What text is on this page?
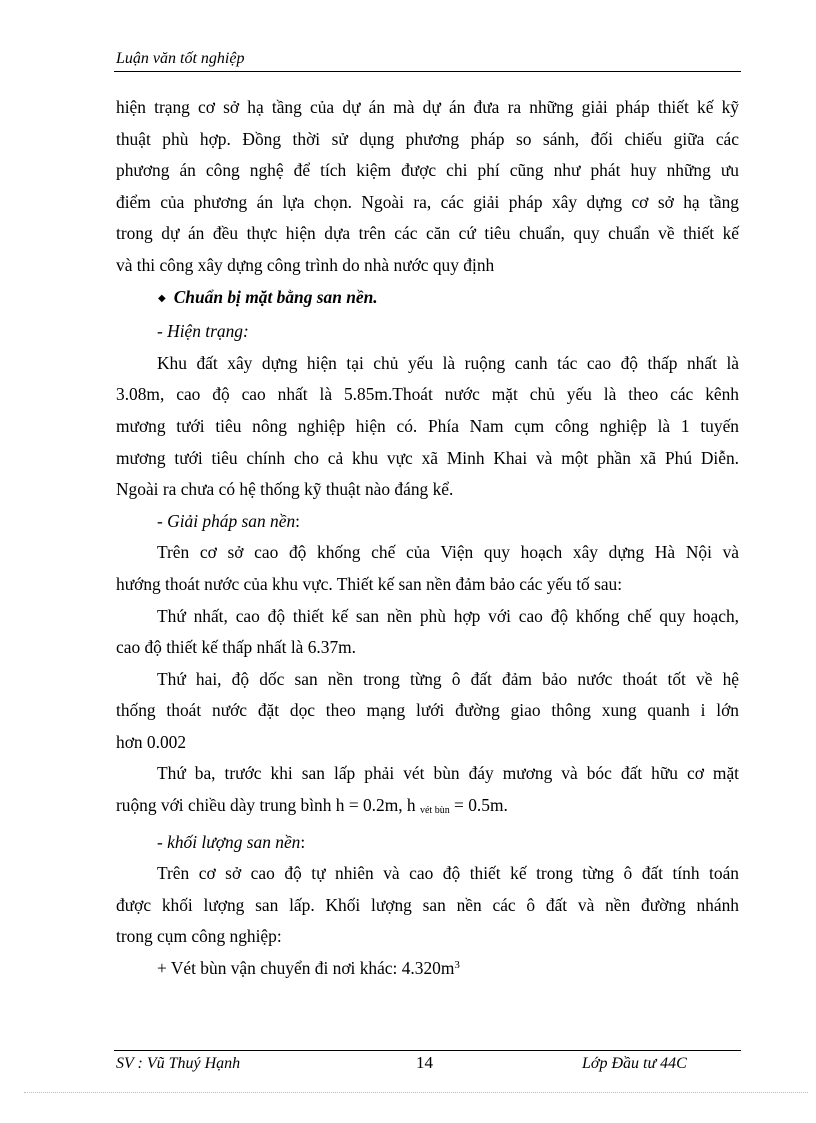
Luận văn tốt nghiệp

hiện trạng cơ sở hạ tầng của dự án mà dự án đưa ra những giải pháp thiết kế kỹ

thuật phù hợp. Đồng thời sử dụng phương pháp so sánh, đối chiếu giữa các

phương án công nghệ để tích kiệm được chi phí cũng như phát huy những ưu

điểm của phương án lựa chọn. Ngoài ra, các giải pháp xây dựng cơ sở hạ tầng

trong dự án đều thực hiện dựa trên các căn cứ tiêu chuẩn, quy chuẩn về thiết kế

và thi công xây dựng công trình do nhà nước quy định

◆ Chuẩn bị mặt bằng san nền.

- Hiện trạng:

Khu đất xây dựng hiện tại chủ yếu là ruộng canh tác cao độ thấp nhất là

3.08m, cao độ cao nhất là 5.85m.Thoát nước mặt chủ yếu là theo các kênh

mương tưới tiêu nông nghiệp hiện có. Phía Nam cụm công nghiệp là 1 tuyến

mương tưới tiêu chính cho cả khu vực xã Minh Khai và một phần xã Phú Diễn.

Ngoài ra chưa có hệ thống kỹ thuật nào đáng kể.

- Giải pháp san nền:

Trên cơ sở cao độ khống chế của Viện quy hoạch xây dựng Hà Nội và

hướng thoát nước của khu vực. Thiết kế san nền đảm bảo các yếu tố sau:

Thứ nhất, cao độ thiết kế san nền phù hợp với cao độ khống chế quy hoạch,

cao độ thiết kế thấp nhất là 6.37m.

Thứ hai, độ dốc san nền trong từng ô đất đảm bảo nước thoát tốt về hệ

thống thoát nước đặt dọc theo mạng lưới đường giao thông xung quanh i lớn

hơn 0.002

Thứ ba, trước khi san lấp phải vét bùn đáy mương và bóc đất hữu cơ mặt

ruộng với chiều dày trung bình h = 0.2m, h $_{vét bùn}$ = 0.5m.

- khối lượng san nền:

Trên cơ sở cao độ tự nhiên và cao độ thiết kế trong từng ô đất tính toán

được khối lượng san lấp. Khối lượng san nền các ô đất và nền đường nhánh

trong cụm công nghiệp:

+ Vét bùn vận chuyển đi nơi khác: $4.320m^3$

SV : Vũ Thuý Hạnh	14	Lớp Đầu tư 44C
